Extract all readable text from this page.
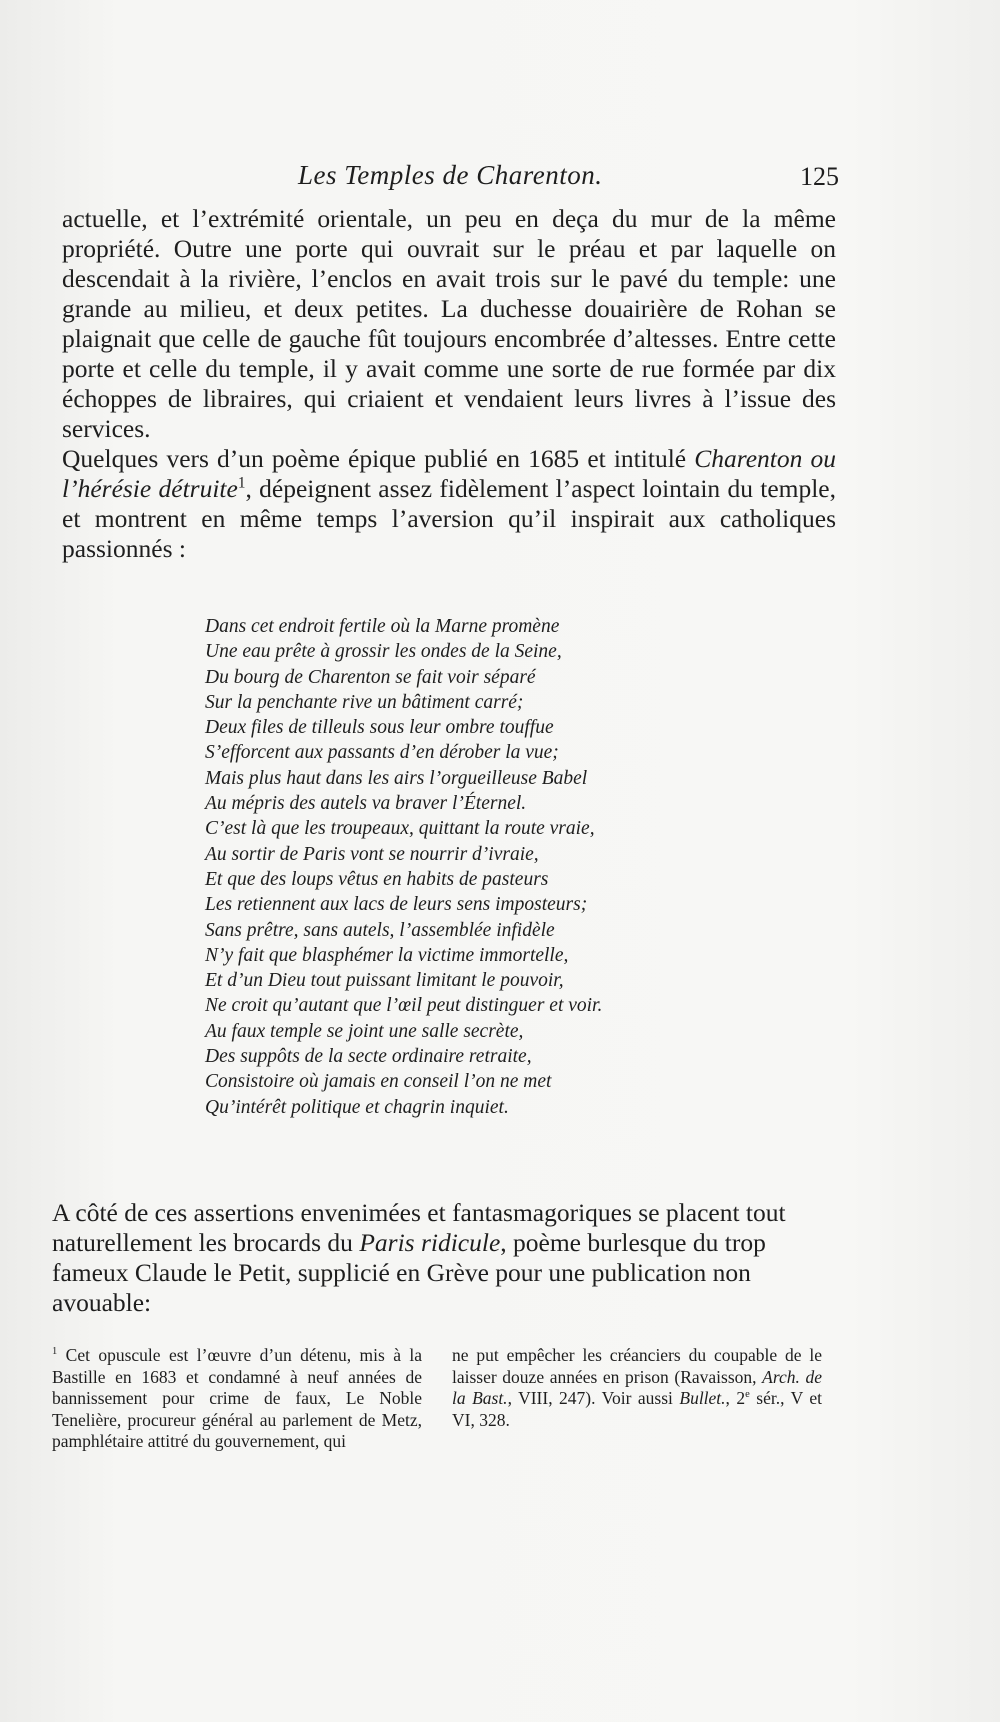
Les Temples de Charenton.	125

actuelle, et l’extrémité orientale, un peu en deça du mur de la même propriété. Outre une porte qui ouvrait sur le préau et par laquelle on descendait à la rivière, l’enclos en avait trois sur le pavé du temple: une grande au milieu, et deux petites. La duchesse douairière de Rohan se plaignait que celle de gauche fût toujours encombrée d’altesses. Entre cette porte et celle du temple, il y avait comme une sorte de rue formée par dix échoppes de libraires, qui criaient et vendaient leurs livres à l’issue des services.

Quelques vers d’un poème épique publié en 1685 et intitulé Charenton ou l’hérésie détruite$^1$, dépeignent assez fidèlement l’aspect lointain du temple, et montrent en même temps l’aversion qu’il inspirait aux catholiques passionnés :

Dans cet endroit fertile où la Marne promène
Une eau prête à grossir les ondes de la Seine,
Du bourg de Charenton se fait voir séparé
Sur la penchante rive un bâtiment carré;
Deux files de tilleuls sous leur ombre touffue
S’efforcent aux passants d’en dérober la vue;
Mais plus haut dans les airs l’orgueilleuse Babel
Au mépris des autels va braver l’Éternel.
C’est là que les troupeaux, quittant la route vraie,
Au sortir de Paris vont se nourrir d’ivraie,
Et que des loups vêtus en habits de pasteurs
Les retiennent aux lacs de leurs sens imposteurs;
Sans prêtre, sans autels, l’assemblée infidèle
N’y fait que blasphémer la victime immortelle,
Et d’un Dieu tout puissant limitant le pouvoir,
Ne croit qu’autant que l’œil peut distinguer et voir.
Au faux temple se joint une salle secrète,
Des suppôts de la secte ordinaire retraite,
Consistoire où jamais en conseil l’on ne met
Qu’intérêt politique et chagrin inquiet.

A côté de ces assertions envenimées et fantasmagoriques se placent tout naturellement les brocards du Paris ridicule, poème burlesque du trop fameux Claude le Petit, supplicié en Grève pour une publication non avouable:

$^1$ Cet opuscule est l’œuvre d’un détenu, mis à la Bastille en 1683 et condamné à neuf années de bannissement pour crime de faux, Le Noble Tenelière, procureur général au parlement de Metz, pamphlétaire attitré du gouvernement, qui
ne put empêcher les créanciers du coupable de le laisser douze années en prison (Ravaisson, Arch. de la Bast., VIII, 247). Voir aussi Bullet., 2e sér., V et VI, 328.
